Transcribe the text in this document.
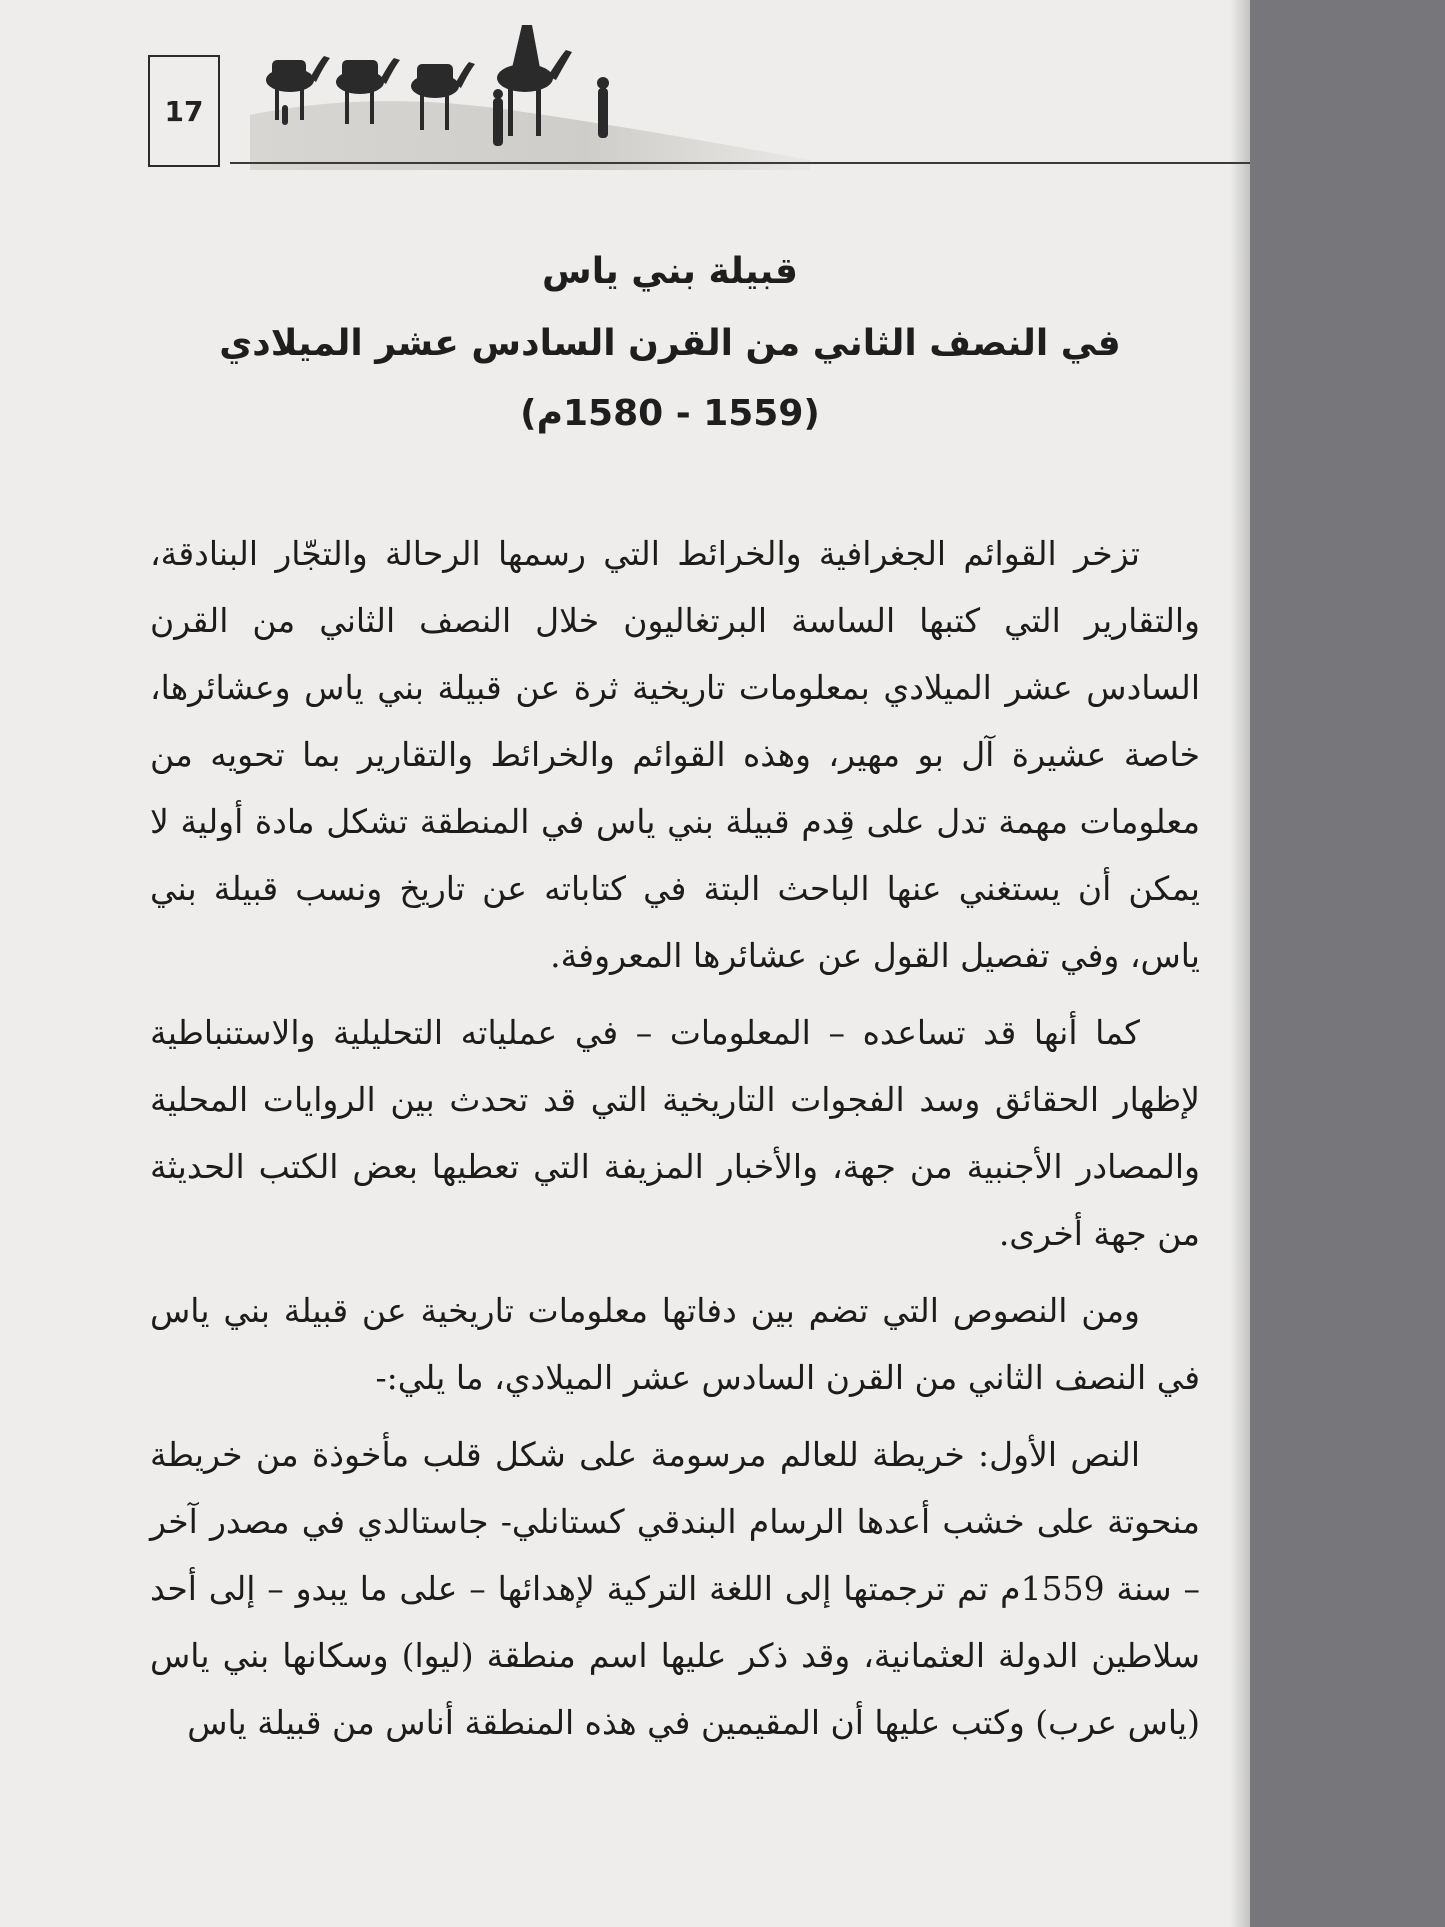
17

قبيلة بني ياس

في النصف الثاني من القرن السادس عشر الميلادي

(1559 - 1580م)

تزخر القوائم الجغرافية والخرائط التي رسمها الرحالة والتجّار البنادقة، والتقارير التي كتبها الساسة البرتغاليون خلال النصف الثاني من القرن السادس عشر الميلادي بمعلومات تاريخية ثرة عن قبيلة بني ياس وعشائرها، خاصة عشيرة آل بو مهير، وهذه القوائم والخرائط والتقارير بما تحويه من معلومات مهمة تدل على قِدم قبيلة بني ياس في المنطقة تشكل مادة أولية لا يمكن أن يستغني عنها الباحث البتة في كتاباته عن تاريخ ونسب قبيلة بني ياس، وفي تفصيل القول عن عشائرها المعروفة.

كما أنها قد تساعده – المعلومات – في عملياته التحليلية والاستنباطية لإظهار الحقائق وسد الفجوات التاريخية التي قد تحدث بين الروايات المحلية والمصادر الأجنبية من جهة، والأخبار المزيفة التي تعطيها بعض الكتب الحديثة من جهة أخرى.

ومن النصوص التي تضم بين دفاتها معلومات تاريخية عن قبيلة بني ياس في النصف الثاني من القرن السادس عشر الميلادي، ما يلي:-

النص الأول: خريطة للعالم مرسومة على شكل قلب مأخوذة من خريطة منحوتة على خشب أعدها الرسام البندقي كستانلي- جاستالدي في مصدر آخر – سنة 1559م تم ترجمتها إلى اللغة التركية لإهدائها – على ما يبدو – إلى أحد سلاطين الدولة العثمانية، وقد ذكر عليها اسم منطقة (ليوا) وسكانها بني ياس (ياس عرب) وكتب عليها أن المقيمين في هذه المنطقة أناس من قبيلة ياس
